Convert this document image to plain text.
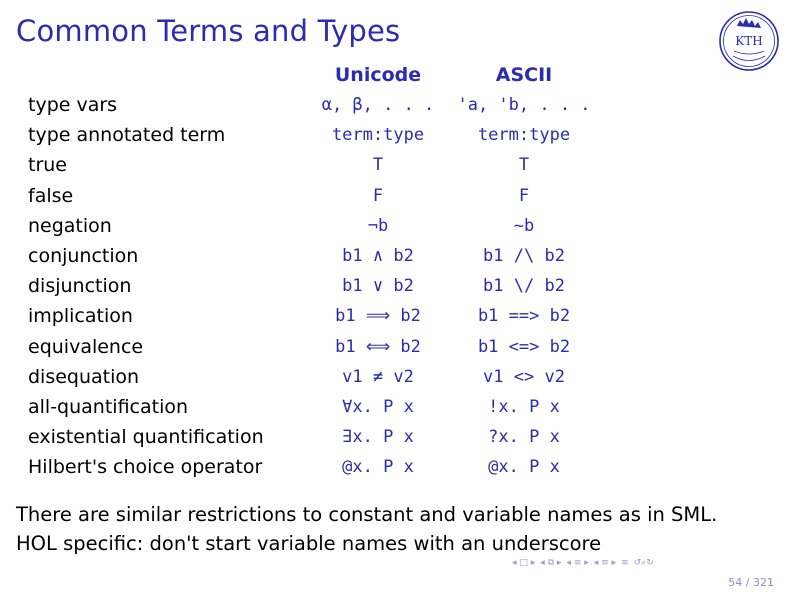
Common Terms and Types	KTH
	Unicode	ASCII
type vars	α, β, . . .	'a, 'b, . . .
type annotated term	term:type	term:type
true	T	T
false	F	F
negation	¬b	~b
conjunction	b1 ∧ b2	b1 /\ b2
disjunction	b1 ∨ b2	b1 \/ b2
implication	b1 ⟹ b2	b1 ==> b2
equivalence	b1 ⟺ b2	b1 <=> b2
disequation	v1 ≠ v2	v1 <> v2
all-quantification	∀x. P x	!x. P x
existential quantification	∃x. P x	?x. P x
Hilbert's choice operator	@x. P x	@x. P x
There are similar restrictions to constant and variable names as in SML.
HOL specific: don't start variable names with an underscore
◂ □ ▸ ◂ ⧉ ▸ ◂ ≡ ▸ ◂ ≡ ▸ ≡ ↺⌕↻
54 / 321
